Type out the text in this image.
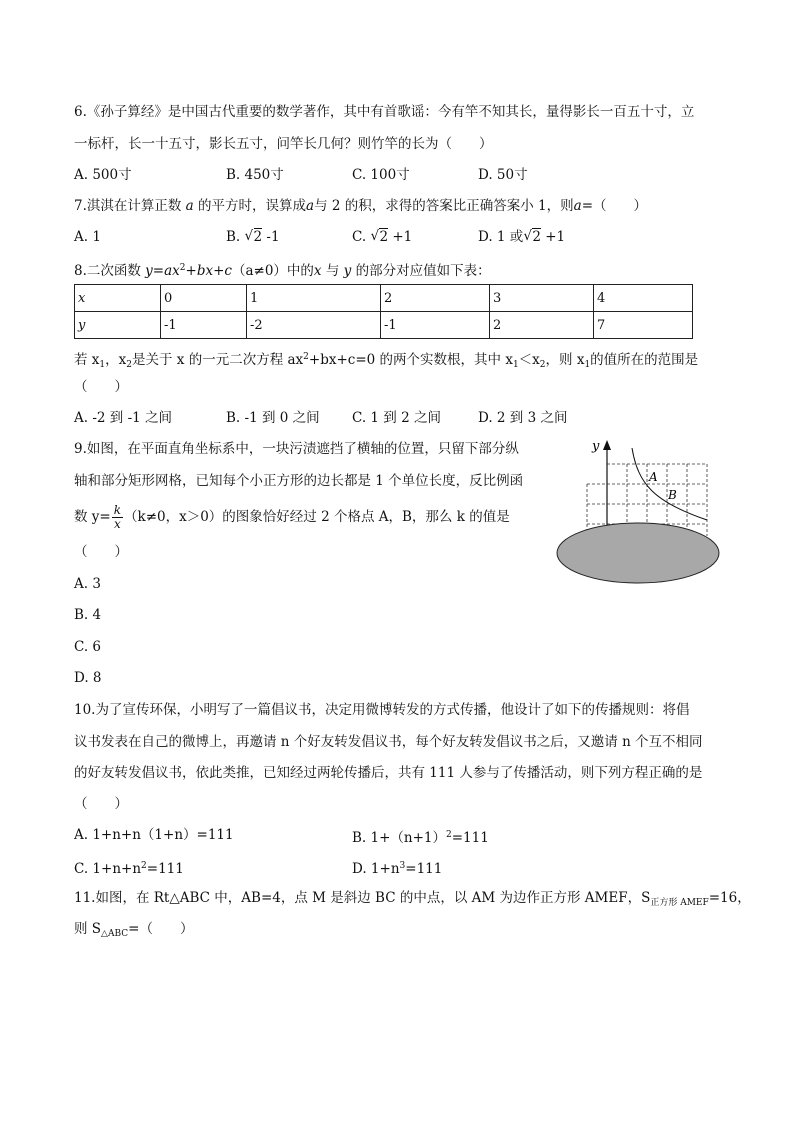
6.《孙子算经》是中国古代重要的数学著作，其中有首歌谣：今有竿不知其长，量得影长一百五十寸，立
一标杆，长一十五寸，影长五寸，问竿长几何？则竹竿的长为（　　）
A. 500寸	B. 450寸	C. 100寸	D. 50寸
7.淇淇在计算正数 a 的平方时，误算成a与 2 的积，求得的答案比正确答案小 1，则a=（　　）
A. 1	B. √ 2 -1	C. √ 2 +1	D. 1 或 √ 2 +1
8.二次函数 $y=ax^2+bx+c(a\ne 0)$中的x 与 y 的部分对应值如下表：
x	0	1	2	3	4
y	-1	-2	-1	2	7
若 $x_1$，$x_2$是关于 x 的一元二次方程 $ax^2+bx+c=0$ 的两个实数根，其中 $x_1<x_2$，则 $x_1$的值所在的范围是
（　　）
A. -2 到 -1 之间	B. -1 到 0 之间 C. 1 到 2 之间	D. 2 到 3 之间
9.如图，在平面直角坐标系中，一块污渍遮挡了横轴的位置，只留下部分纵
轴和部分矩形网格，已知每个小正方形的边长都是 1 个单位长度，反比例函
数 $y= \frac{k}{x} (k\ne 0$，x＞0）的图象恰好经过 2 个格点 A，B，那么 k 的值是
（　　）
A. 3
B. 4
C. 6
D. 8
y
A
B
10.为了宣传环保，小明写了一篇倡议书，决定用微博转发的方式传播，他设计了如下的传播规则：将倡
议书发表在自己的微博上，再邀请 n 个好友转发倡议书，每个好友转发倡议书之后，又邀请 n 个互不相同
的好友转发倡议书，依此类推，已知经过两轮传播后，共有 111 人参与了传播活动，则下列方程正确的是
（　　）
A. 1+n+n（1+n）=111	B. $1+(n+1)^2=111$
C. $1+n+n^2=111$	D. $1+n^3=111$
11.如图，在 Rt△ABC 中，AB=4，点 M 是斜边 BC 的中点，以 AM 为边作正方形 AMEF，$S_{正方形 AMEF}=16$，
则 $S_{\triangle ABC}=$（　　）
